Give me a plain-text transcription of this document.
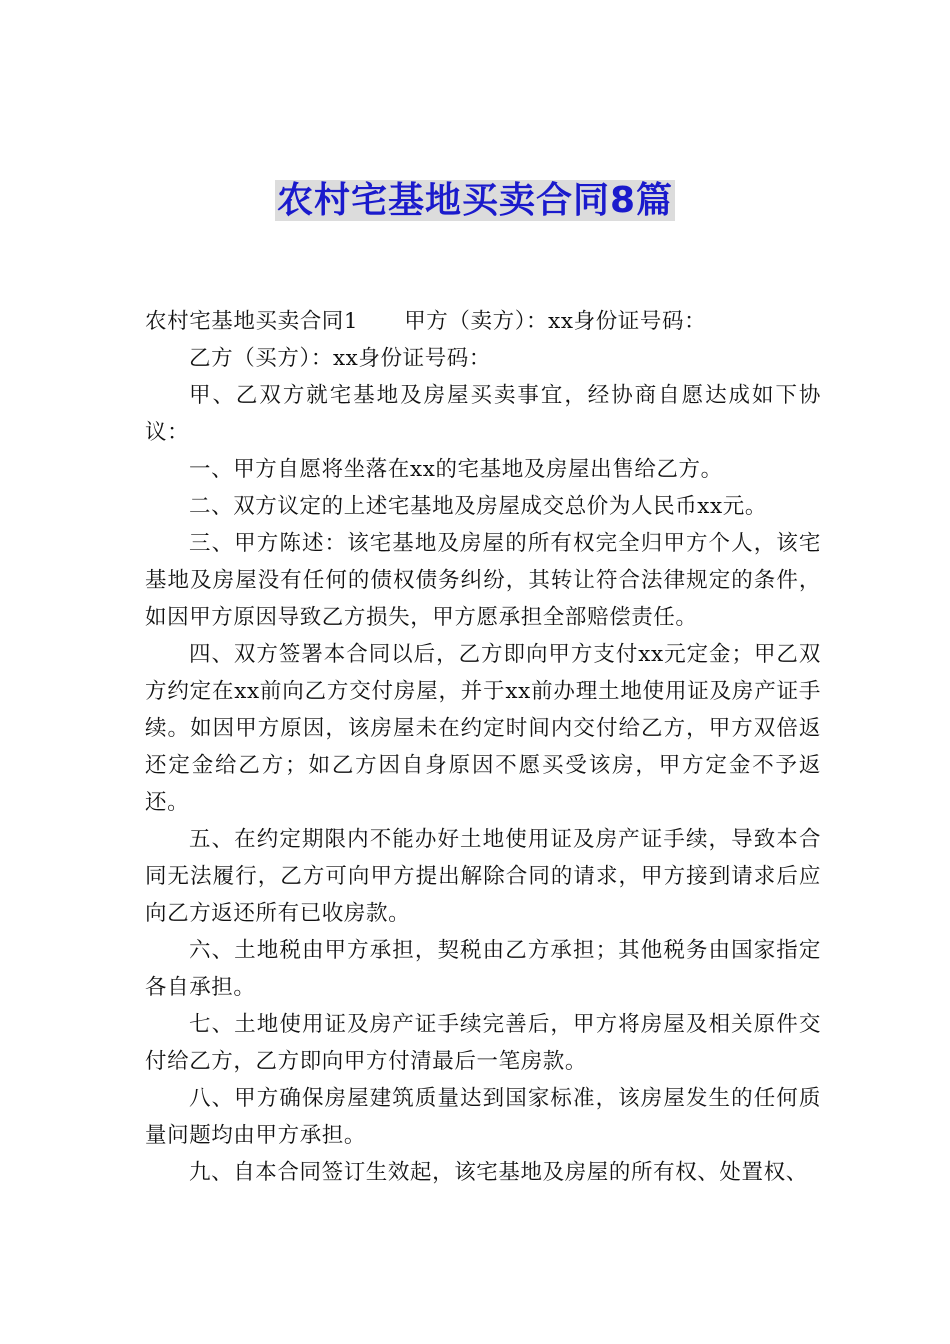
农村宅基地买卖合同8篇
农村宅基地买卖合同1 甲方（卖方）：xx身份证号码：

乙方（买方）：xx身份证号码：

甲、乙双方就宅基地及房屋买卖事宜，经协商自愿达成如下协议：

一、甲方自愿将坐落在xx的宅基地及房屋出售给乙方。

二、双方议定的上述宅基地及房屋成交总价为人民币xx元。

三、甲方陈述：该宅基地及房屋的所有权完全归甲方个人，该宅基地及房屋没有任何的债权债务纠纷，其转让符合法律规定的条件，如因甲方原因导致乙方损失，甲方愿承担全部赔偿责任。

四、双方签署本合同以后，乙方即向甲方支付xx元定金；甲乙双方约定在xx前向乙方交付房屋，并于xx前办理土地使用证及房产证手续。如因甲方原因，该房屋未在约定时间内交付给乙方，甲方双倍返还定金给乙方；如乙方因自身原因不愿买受该房，甲方定金不予返还。

五、在约定期限内不能办好土地使用证及房产证手续，导致本合同无法履行，乙方可向甲方提出解除合同的请求，甲方接到请求后应向乙方返还所有已收房款。

六、土地税由甲方承担，契税由乙方承担；其他税务由国家指定各自承担。

七、土地使用证及房产证手续完善后，甲方将房屋及相关原件交付给乙方，乙方即向甲方付清最后一笔房款。

八、甲方确保房屋建筑质量达到国家标准，该房屋发生的任何质量问题均由甲方承担。

九、自本合同签订生效起，该宅基地及房屋的所有权、处置权、
